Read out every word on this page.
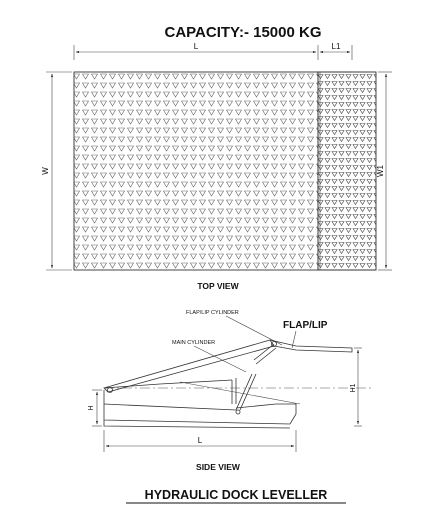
CAPACITY:- 15000 KG
L	L1
W	W1
TOP VIEW
FLAP/LIP CYLINDER
MAIN CYLINDER
FLAP/LIP
H
H1
L
SIDE VIEW
HYDRAULIC DOCK LEVELLER
